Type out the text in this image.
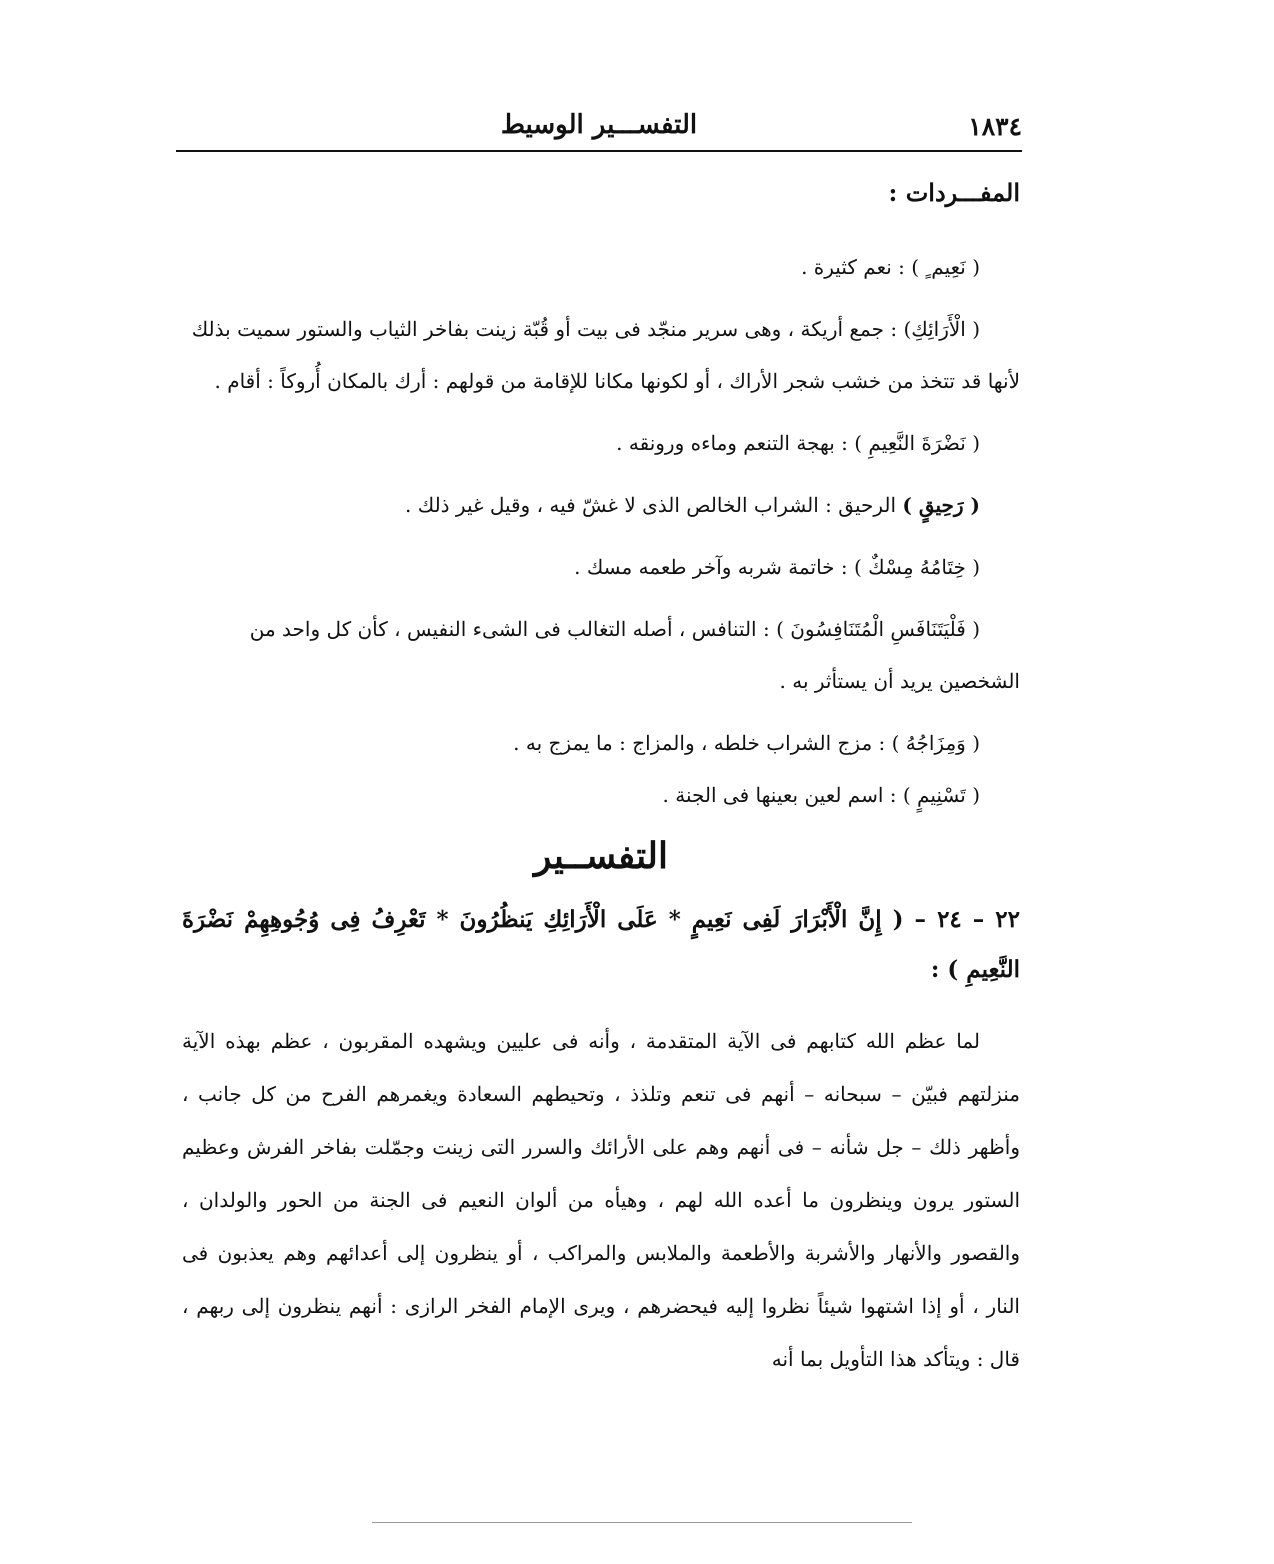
١٨٣٤
التفســـير الوسيط
المفـــردات :

( نَعِيم ٍ ) : نعم كثيرة .

( الْأَرَائِكِ) : جمع أريكة ، وهى سرير منجّد فى بيت أو قُبّة زينت بفاخر الثياب والستور سميت بذلك لأنها قد تتخذ من خشب شجر الأراك ، أو لكونها مكانا للإقامة من قولهم : أرك بالمكان أُروكاً : أقام .

( نَضْرَةَ النَّعِيمِ ) : بهجة التنعم وماءه ورونقه .

( رَحِيقٍ ) الرحيق : الشراب الخالص الذى لا غشّ فيه ، وقيل غير ذلك .

( خِتَامُهُ مِسْكٌ ) : خاتمة شربه وآخر طعمه مسك .

( فَلْيَتَنَافَسِ الْمُتَنَافِسُونَ ) : التنافس ، أصله التغالب فى الشىء النفيس ، كأن كل واحد من الشخصين يريد أن يستأثر به .

( وَمِزَاجُهُ ) : مزج الشراب خلطه ، والمزاج : ما يمزج به .

( تَسْنِيمٍ ) : اسم لعين بعينها فى الجنة .

التفســير

٢٢ – ٢٤ – ( إِنَّ الْأَبْرَارَ لَفِى نَعِيمٍ * عَلَى الْأَرَائِكِ يَنظُرُونَ * تَعْرِفُ فِى وُجُوهِهِمْ نَضْرَةَ النَّعِيمِ ) :

لما عظم الله كتابهم فى الآية المتقدمة ، وأنه فى عليين ويشهده المقربون ، عظم بهذه الآية منزلتهم فبيّن – سبحانه – أنهم فى تنعم وتلذذ ، وتحيطهم السعادة ويغمرهم الفرح من كل جانب ، وأظهر ذلك – جل شأنه – فى أنهم وهم على الأرائك والسرر التى زينت وجمّلت بفاخر الفرش وعظيم الستور يرون وينظرون ما أعده الله لهم ، وهيأه من ألوان النعيم فى الجنة من الحور والولدان ، والقصور والأنهار والأشربة والأطعمة والملابس والمراكب ، أو ينظرون إلى أعدائهم وهم يعذبون فى النار ، أو إذا اشتهوا شيئاً نظروا إليه فيحضرهم ، ويرى الإمام الفخر الرازى : أنهم ينظرون إلى ربهم ، قال : ويتأكد هذا التأويل بما أنه
